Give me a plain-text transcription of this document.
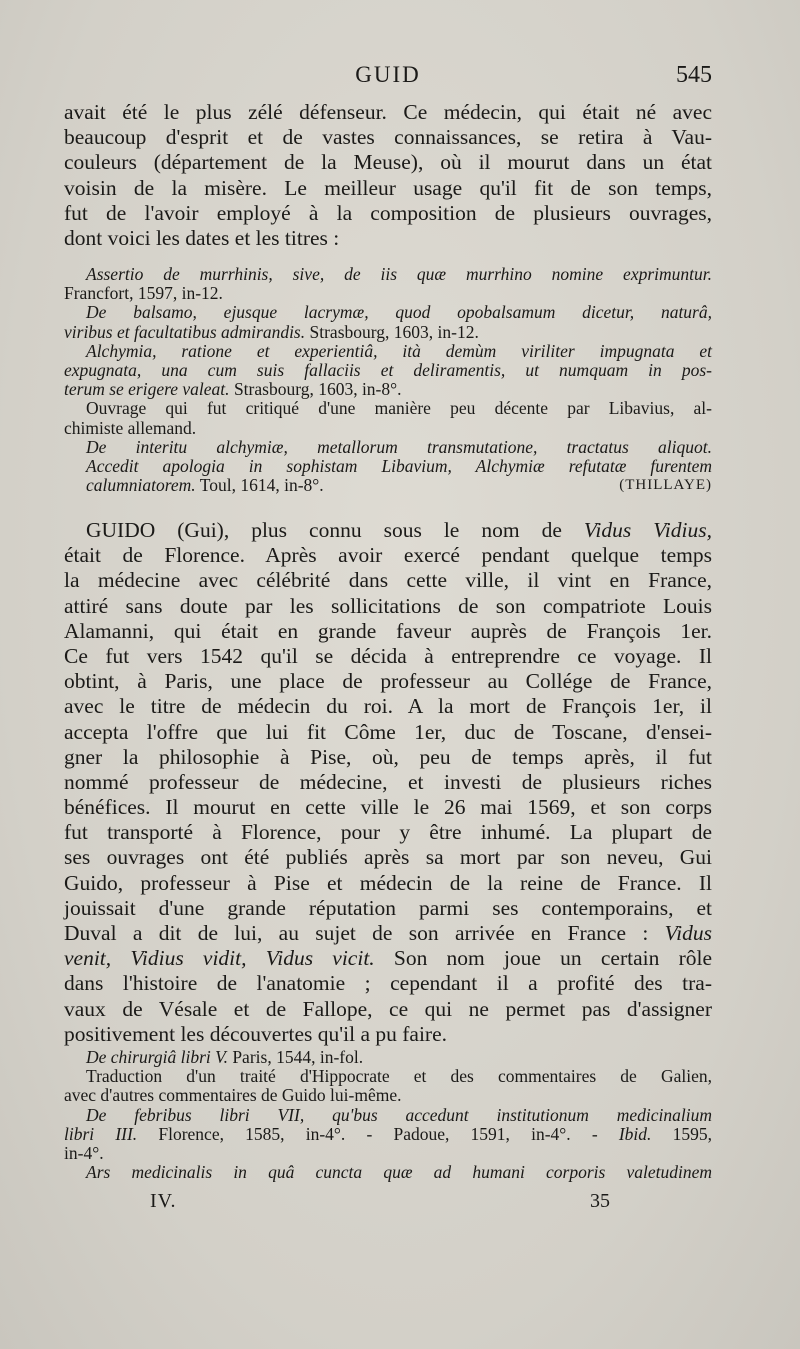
GUID	545
avait été le plus zélé défenseur. Ce médecin, qui était né avec
beaucoup d'esprit et de vastes connaissances, se retira à Vau-
couleurs (département de la Meuse), où il mourut dans un état
voisin de la misère. Le meilleur usage qu'il fit de son temps,
fut de l'avoir employé à la composition de plusieurs ouvrages,
dont voici les dates et les titres :
Assertio de murrhinis, sive, de iis quæ murrhino nomine exprimuntur.
Francfort, 1597, in-12.
De balsamo, ejusque lacrymæ, quod opobalsamum dicetur, naturâ,
viribus et facultatibus admirandis. Strasbourg, 1603, in-12.
Alchymia, ratione et experientiâ, ità demùm viriliter impugnata et
expugnata, una cum suis fallaciis et deliramentis, ut numquam in pos-
terum se erigere valeat. Strasbourg, 1603, in-8°.
Ouvrage qui fut critiqué d'une manière peu décente par Libavius, al-
chimiste allemand.
De interitu alchymiæ, metallorum transmutatione, tractatus aliquot.
Accedit apologia in sophistam Libavium, Alchymiæ refutatæ furentem
calumniatorem. Toul, 1614, in-8°.	(THILLAYE)
GUIDO (Gui), plus connu sous le nom de Vidus Vidius,
était de Florence. Après avoir exercé pendant quelque temps
la médecine avec célébrité dans cette ville, il vint en France,
attiré sans doute par les sollicitations de son compatriote Louis
Alamanni, qui était en grande faveur auprès de François 1er.
Ce fut vers 1542 qu'il se décida à entreprendre ce voyage. Il
obtint, à Paris, une place de professeur au Collége de France,
avec le titre de médecin du roi. A la mort de François 1er, il
accepta l'offre que lui fit Côme 1er, duc de Toscane, d'ensei-
gner la philosophie à Pise, où, peu de temps après, il fut
nommé professeur de médecine, et investi de plusieurs riches
bénéfices. Il mourut en cette ville le 26 mai 1569, et son corps
fut transporté à Florence, pour y être inhumé. La plupart de
ses ouvrages ont été publiés après sa mort par son neveu, Gui
Guido, professeur à Pise et médecin de la reine de France. Il
jouissait d'une grande réputation parmi ses contemporains, et
Duval a dit de lui, au sujet de son arrivée en France : Vidus
venit, Vidius vidit, Vidus vicit. Son nom joue un certain rôle
dans l'histoire de l'anatomie ; cependant il a profité des tra-
vaux de Vésale et de Fallope, ce qui ne permet pas d'assigner
positivement les découvertes qu'il a pu faire.
De chirurgiâ libri V. Paris, 1544, in-fol.
Traduction d'un traité d'Hippocrate et des commentaires de Galien,
avec d'autres commentaires de Guido lui-même.
De febribus libri VII, qu'bus accedunt institutionum medicinalium
libri III. Florence, 1585, in-4°. - Padoue, 1591, in-4°. - Ibid. 1595,
in-4°.
Ars medicinalis in quâ cuncta quæ ad humani corporis valetudinem
IV.	35
